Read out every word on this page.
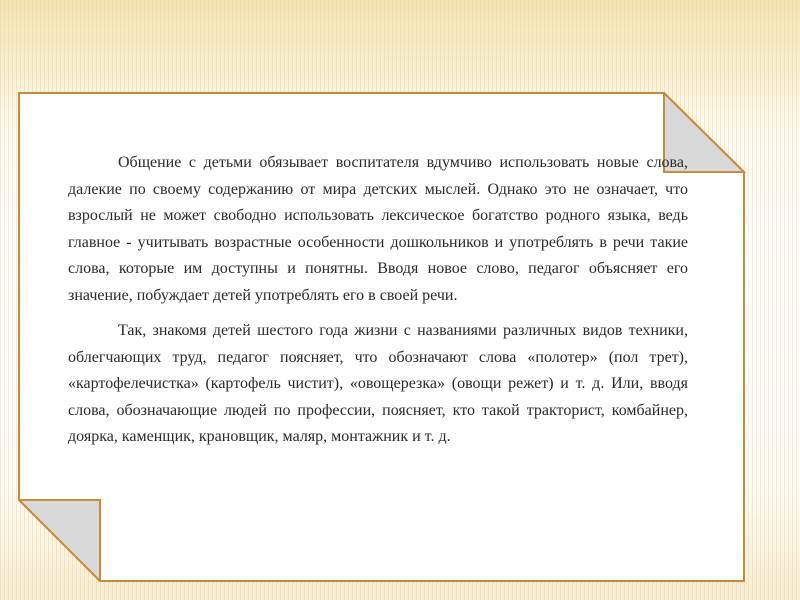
Общение с детьми обязывает воспитателя вдумчиво использовать новые слова, далекие по своему содержанию от мира детских мыслей. Однако это не означает, что взрослый не может свободно использовать лексическое богатство родного языка, ведь главное - учитывать возрастные особенности дошкольников и употреблять в речи такие слова, которые им доступны и понятны. Вводя новое слово, педагог объясняет его значение, побуждает детей употреблять его в своей речи.

Так, знакомя детей шестого года жизни с названиями различных видов техники, облегчающих труд, педагог поясняет, что обозначают слова «полотер» (пол трет), «картофелечистка» (картофель чистит), «овощерезка» (овощи режет) и т. д. Или, вводя слова, обозначающие людей по профессии, поясняет, кто такой тракторист, комбайнер, доярка, каменщик, крановщик, маляр, монтажник и т. д.
